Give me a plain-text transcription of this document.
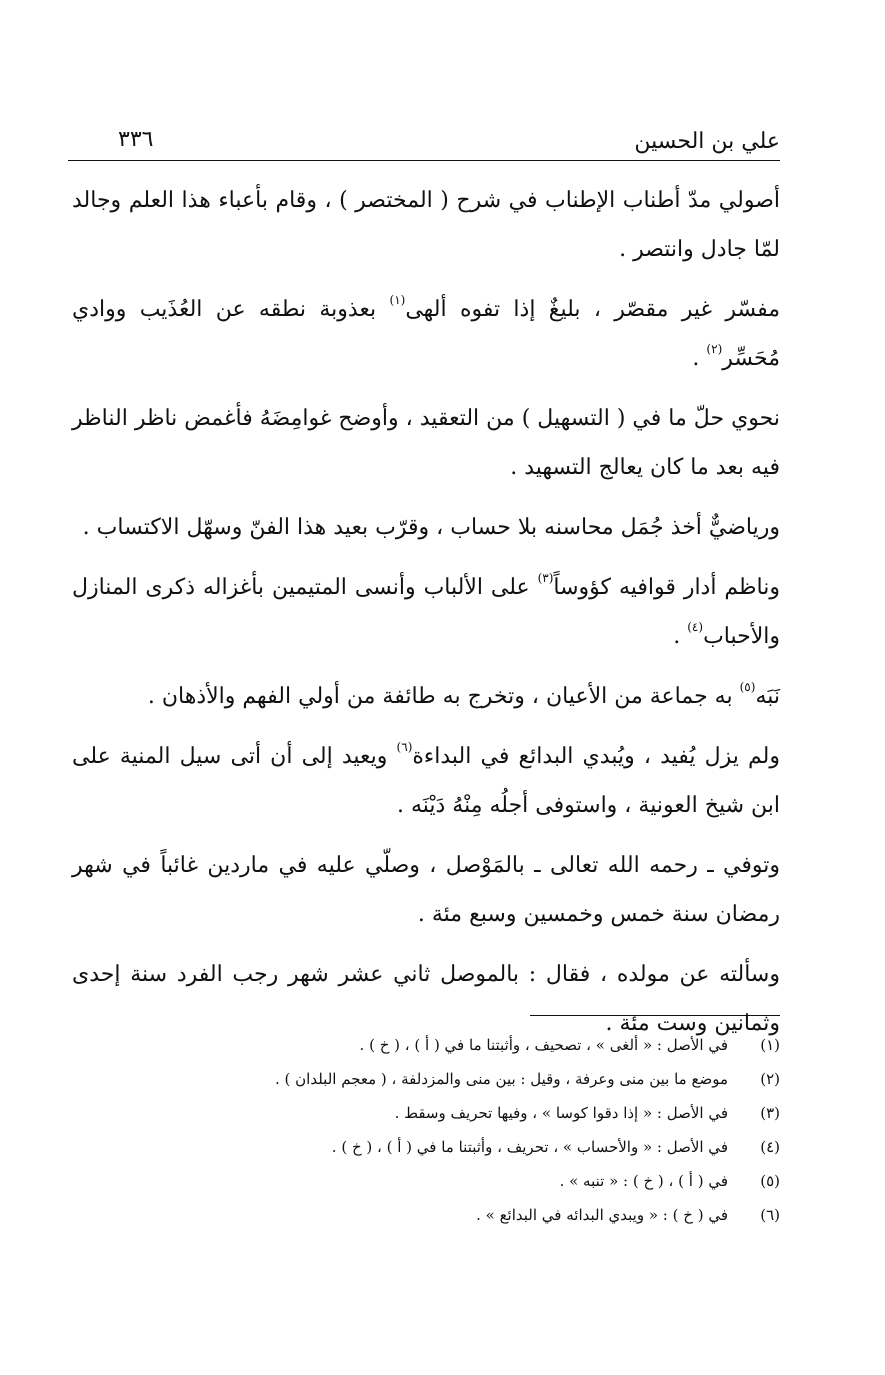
علي بن الحسين
٣٣٦

أصولي مدّ أطناب الإطناب في شرح ( المختصر ) ، وقام بأعباء هذا العلم وجالد لمّا جادل وانتصر .

مفسّر غير مقصّر ، بليغٌ إذا تفوه ألهى$^{(١)}$ بعذوبة نطقه عن العُذَيب ووادي مُحَسِّر$^{(٢)}$ .

نحوي حلّ ما في ( التسهيل ) من التعقيد ، وأوضح غوامِضَهُ فأغمض ناظر الناظر فيه بعد ما كان يعالج التسهيد .

ورياضيٌّ أخذ جُمَل محاسنه بلا حساب ، وقرّب بعيد هذا الفنّ وسهّل الاكتساب .

وناظم أدار قوافيه كؤوساً$^{(٣)}$ على الألباب وأنسى المتيمين بأغزاله ذكرى المنازل والأحباب$^{(٤)}$ .

نَبَه$^{(٥)}$ به جماعة من الأعيان ، وتخرج به طائفة من أولي الفهم والأذهان .

ولم يزل يُفيد ، ويُبدي البدائع في البداءة$^{(٦)}$ ويعيد إلى أن أتى سيل المنية على ابن شيخ العونية ، واستوفى أجلُه مِنْهُ دَيْنَه .

وتوفي ـ رحمه الله تعالى ـ بالمَوْصل ، وصلّي عليه في ماردين غائباً في شهر رمضان سنة خمس وخمسين وسبع مئة .

وسألته عن مولده ، فقال : بالموصل ثاني عشر شهر رجب الفرد سنة إحدى وثمانين وست مئة .

(١)
في الأصل : « ألغى » ، تصحيف ، وأثبتنا ما في ( أ ) ، ( خ ) .
(٢)
موضع ما بين منى وعرفة ، وقيل : بين منى والمزدلفة ، ( معجم البلدان ) .
(٣)
في الأصل : « إذا دقوا كوسا » ، وفيها تحريف وسقط .
(٤)
في الأصل : « والأحساب » ، تحريف ، وأثبتنا ما في ( أ ) ، ( خ ) .
(٥)
في ( أ ) ، ( خ ) : « تنبه » .
(٦)
في ( خ ) : « ويبدي البدائه في البدائع » .
